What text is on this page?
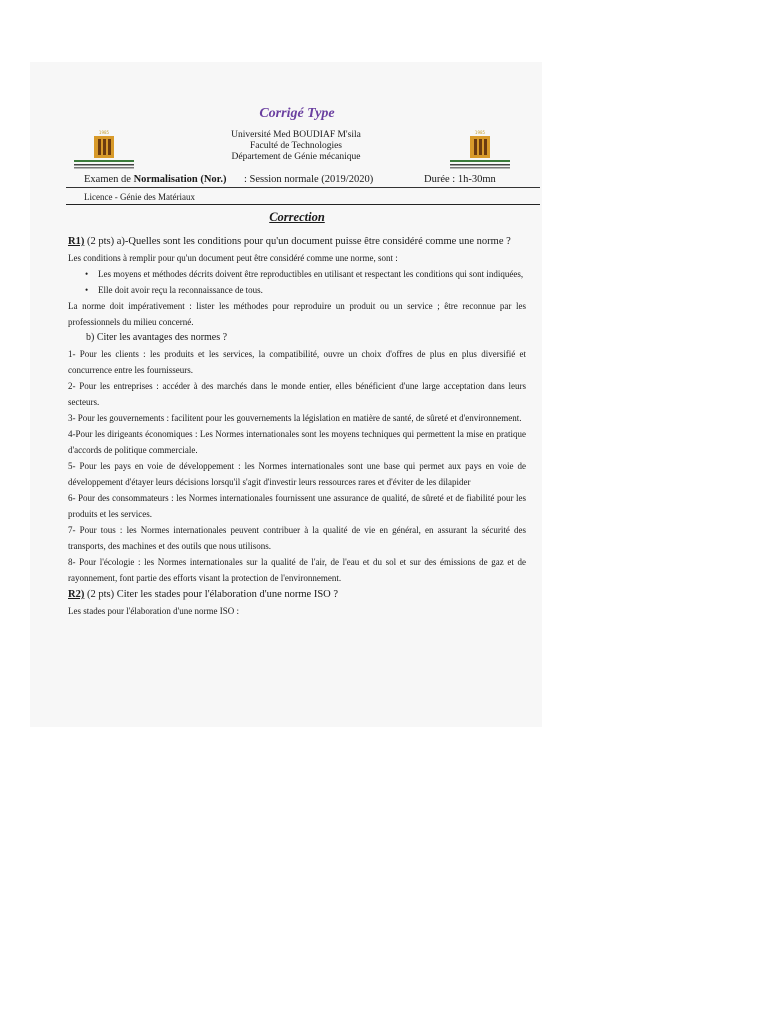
Corrigé Type
1985	Université Med BOUDIAF M'sila
Faculté de Technologies
Département de Génie mécanique
1985
Examen de Normalisation (Nor.) : Session normale (2019/2020)	Durée : 1h-30mn
Licence - Génie des Matériaux
Correction

R1) (2 pts) a)-Quelles sont les conditions pour qu'un document puisse être considéré comme une norme ?

Les conditions à remplir pour qu'un document peut être considéré comme une norme, sont :

• Les moyens et méthodes décrits doivent être reproductibles en utilisant et respectant les conditions qui sont indiquées,

• Elle doit avoir reçu la reconnaissance de tous.

La norme doit impérativement : lister les méthodes pour reproduire un produit ou un service ; être reconnue par les professionnels du milieu concerné.

b) Citer les avantages des normes ?

1- Pour les clients : les produits et les services, la compatibilité, ouvre un choix d'offres de plus en plus diversifié et concurrence entre les fournisseurs.

2- Pour les entreprises : accéder à des marchés dans le monde entier, elles bénéficient d'une large acceptation dans leurs secteurs.

3- Pour les gouvernements : facilitent pour les gouvernements la législation en matière de santé, de sûreté et d'environnement.

4-Pour les dirigeants économiques : Les Normes internationales sont les moyens techniques qui permettent la mise en pratique d'accords de politique commerciale.

5- Pour les pays en voie de développement : les Normes internationales sont une base qui permet aux pays en voie de développement d'étayer leurs décisions lorsqu'il s'agit d'investir leurs ressources rares et d'éviter de les dilapider

6- Pour des consommateurs : les Normes internationales fournissent une assurance de qualité, de sûreté et de fiabilité pour les produits et les services.

7- Pour tous : les Normes internationales peuvent contribuer à la qualité de vie en général, en assurant la sécurité des transports, des machines et des outils que nous utilisons.

8- Pour l'écologie : les Normes internationales sur la qualité de l'air, de l'eau et du sol et sur des émissions de gaz et de rayonnement, font partie des efforts visant la protection de l'environnement.

R2) (2 pts) Citer les stades pour l'élaboration d'une norme ISO ?

Les stades pour l'élaboration d'une norme ISO :
